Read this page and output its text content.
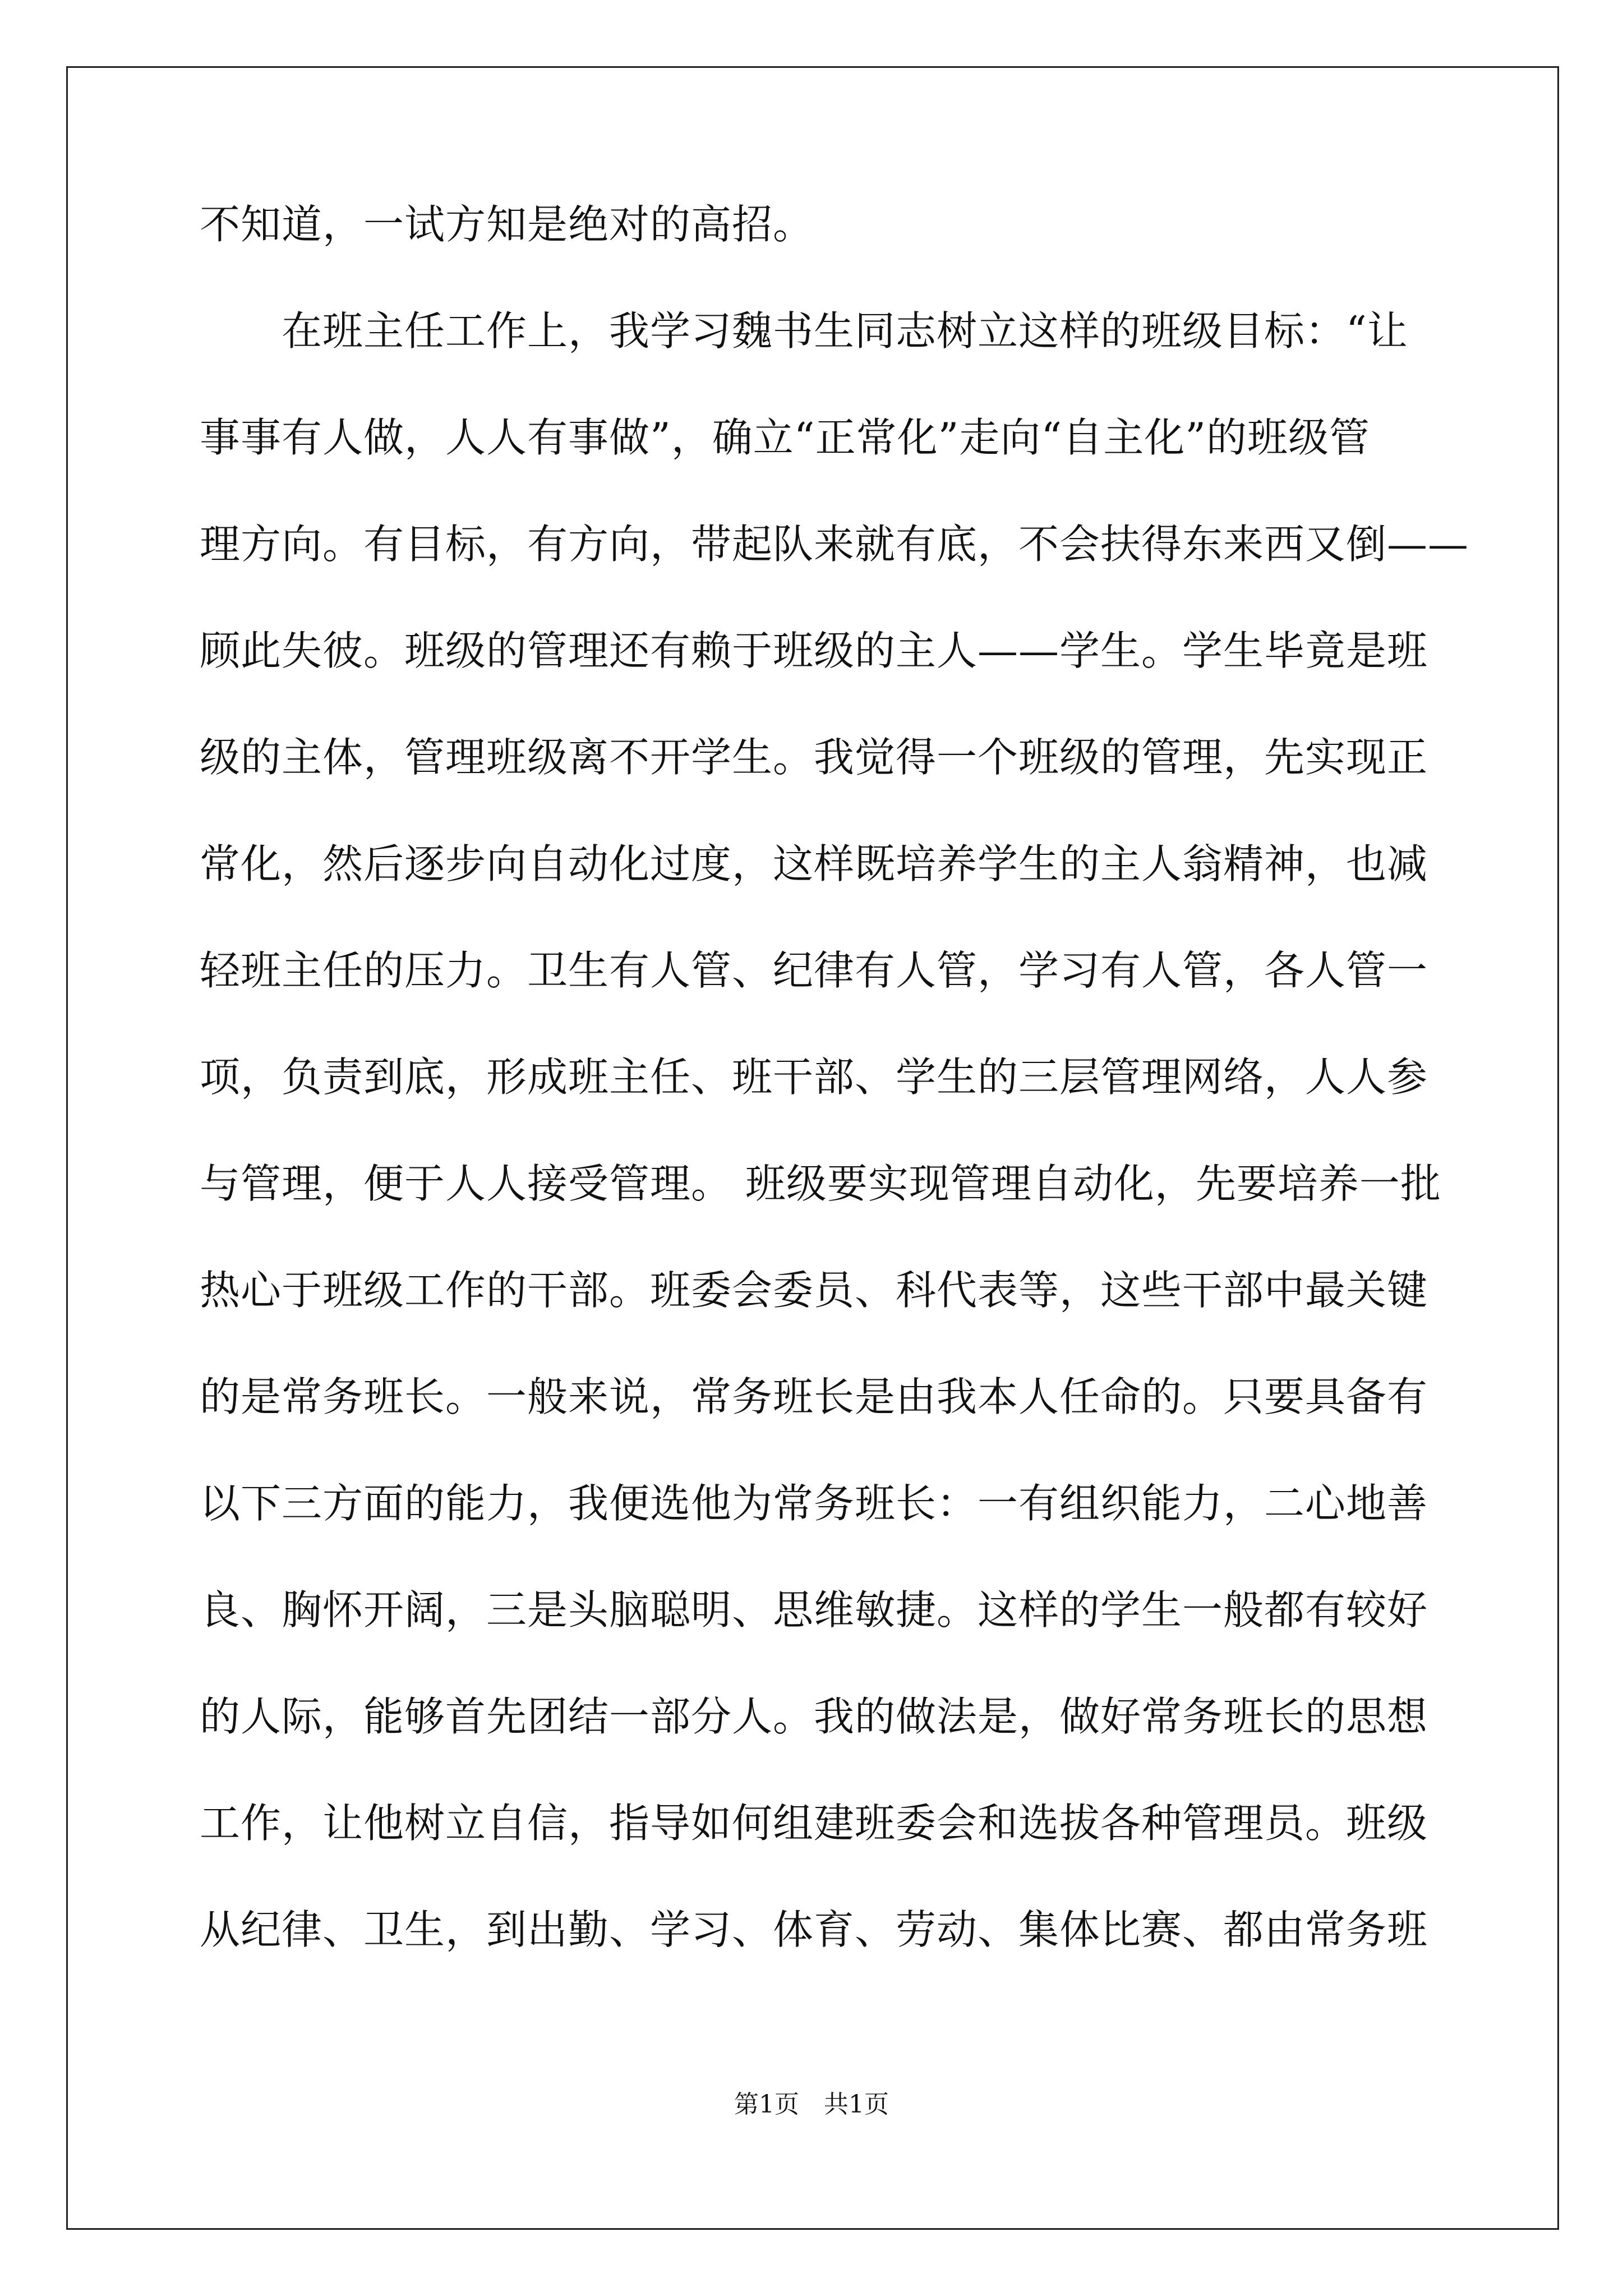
不知道，一试方知是绝对的高招。
　　在班主任工作上，我学习魏书生同志树立这样的班级目标：“让
事事有人做，人人有事做”，确立“正常化”走向“自主化”的班级管
理方向。有目标，有方向，带起队来就有底，不会扶得东来西又倒——
顾此失彼。班级的管理还有赖于班级的主人——学生。学生毕竟是班
级的主体，管理班级离不开学生。我觉得一个班级的管理，先实现正
常化，然后逐步向自动化过度，这样既培养学生的主人翁精神，也减
轻班主任的压力。卫生有人管、纪律有人管，学习有人管，各人管一
项，负责到底，形成班主任、班干部、学生的三层管理网络，人人参
与管理，便于人人接受管理。 班级要实现管理自动化，先要培养一批
热心于班级工作的干部。班委会委员、科代表等，这些干部中最关键
的是常务班长。一般来说，常务班长是由我本人任命的。只要具备有
以下三方面的能力，我便选他为常务班长：一有组织能力，二心地善
良、胸怀开阔，三是头脑聪明、思维敏捷。这样的学生一般都有较好
的人际，能够首先团结一部分人。我的做法是，做好常务班长的思想
工作，让他树立自信，指导如何组建班委会和选拔各种管理员。班级
从纪律、卫生，到出勤、学习、体育、劳动、集体比赛、都由常务班
第1页　共1页
